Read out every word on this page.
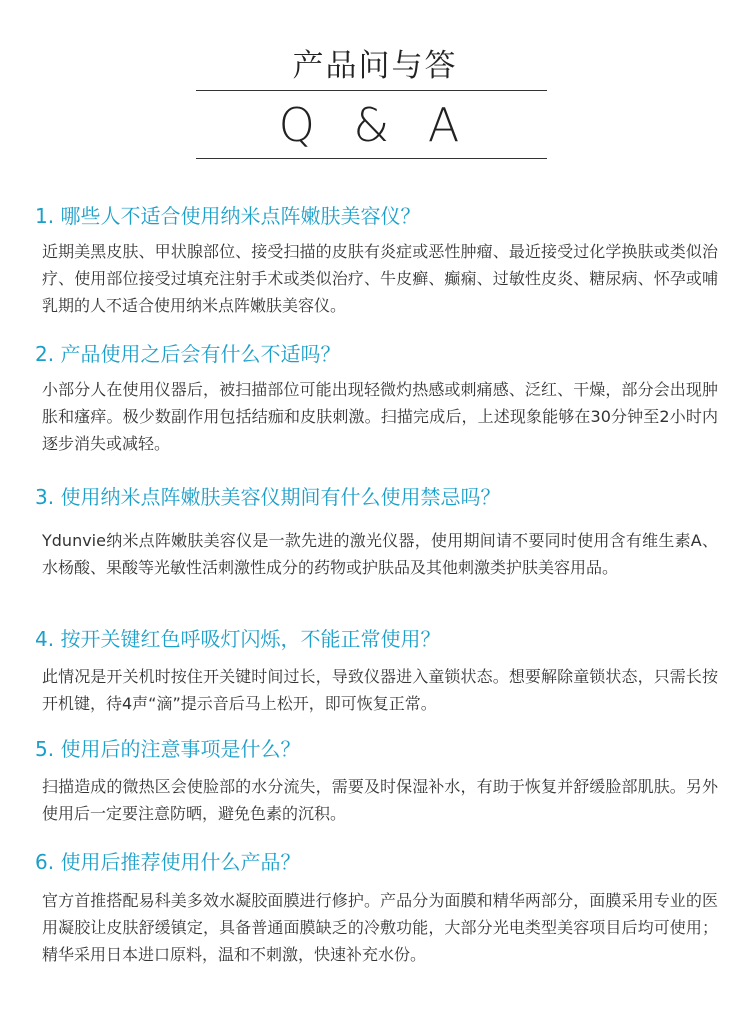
产品问与答
Q & A

1. 哪些人不适合使用纳米点阵嫩肤美容仪？

近期美黑皮肤、甲状腺部位、接受扫描的皮肤有炎症或恶性肿瘤、最近接受过化学换肤或类似治疗、使用部位接受过填充注射手术或类似治疗、牛皮癣、癫痫、过敏性皮炎、糖尿病、怀孕或哺乳期的人不适合使用纳米点阵嫩肤美容仪。

2. 产品使用之后会有什么不适吗？

小部分人在使用仪器后，被扫描部位可能出现轻微灼热感或刺痛感、泛红、干燥，部分会出现肿胀和瘙痒。极少数副作用包括结痂和皮肤刺激。扫描完成后，上述现象能够在30分钟至2小时内逐步消失或减轻。

3. 使用纳米点阵嫩肤美容仪期间有什么使用禁忌吗？

Ydunvie纳米点阵嫩肤美容仪是一款先进的激光仪器，使用期间请不要同时使用含有维生素A、水杨酸、果酸等光敏性活刺激性成分的药物或护肤品及其他刺激类护肤美容用品。

4. 按开关键红色呼吸灯闪烁，不能正常使用？

此情况是开关机时按住开关键时间过长，导致仪器进入童锁状态。想要解除童锁状态，只需长按开机键，待4声“滴”提示音后马上松开，即可恢复正常。

5. 使用后的注意事项是什么？

扫描造成的微热区会使脸部的水分流失，需要及时保湿补水，有助于恢复并舒缓脸部肌肤。另外使用后一定要注意防晒，避免色素的沉积。

6. 使用后推荐使用什么产品？

官方首推搭配易科美多效水凝胶面膜进行修护。产品分为面膜和精华两部分，面膜采用专业的医用凝胶让皮肤舒缓镇定，具备普通面膜缺乏的冷敷功能，大部分光电类型美容项目后均可使用；精华采用日本进口原料，温和不刺激，快速补充水份。
